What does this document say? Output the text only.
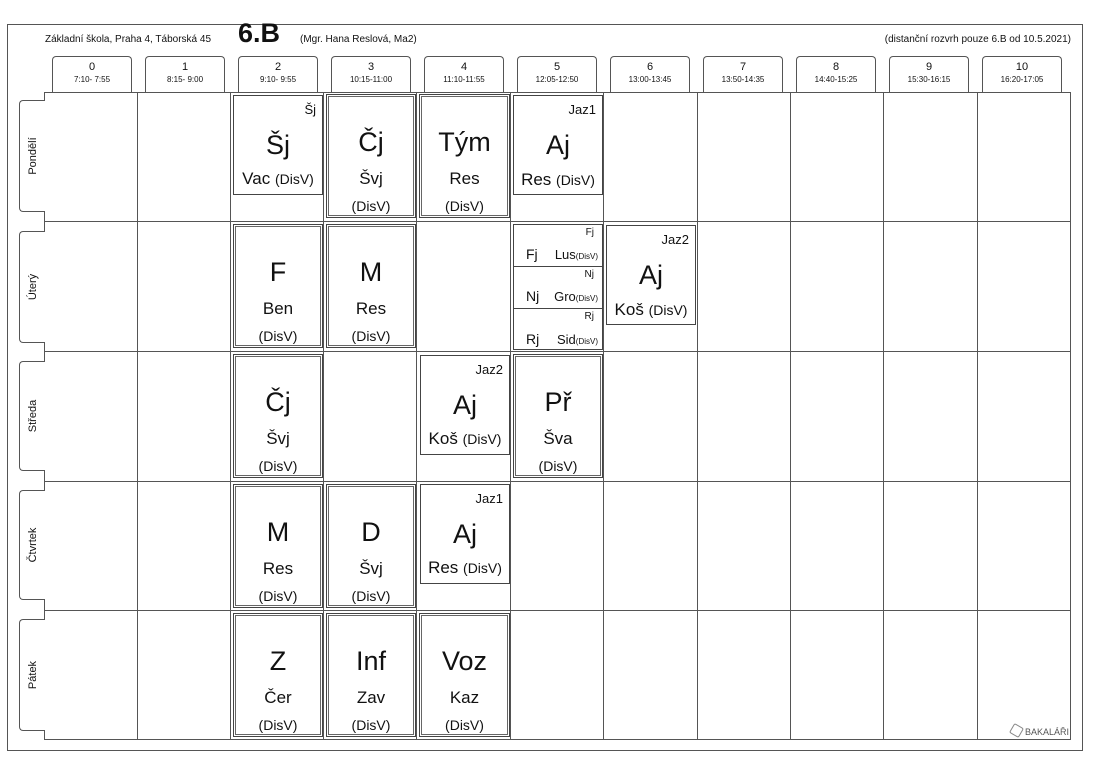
Základní škola, Praha 4, Táborská 45 6.B (Mgr. Hana Reslová, Ma2)	(distanční rozvrh pouze 6.B od 10.5.2021)
0
7:10- 7:55
1
8:15- 9:00
2
9:10- 9:55
3
10:15-11:00
4
11:10-11:55
5
12:05-12:50
6
13:00-13:45
7
13:50-14:35
8
14:40-15:25
9
15:30-16:15
10
16:20-17:05
Pondělí
Úterý
Středa
Čtvrtek
Pátek
Šj
Šj
Vac (DisV)
Čj
Švj
(DisV)
Tým
Res
(DisV)
Jaz1
Aj
Res (DisV)
F
Ben
(DisV)
M
Res
(DisV)
Fj
Fj Lus(DisV)
Nj
Nj Gro(DisV)
Rj
Rj Sid(DisV)
Jaz2
Aj
Koš (DisV)
Čj
Švj
(DisV)
Jaz2
Aj
Koš (DisV)
Př
Šva
(DisV)
M
Res
(DisV)
D
Švj
(DisV)
Jaz1
Aj
Res (DisV)
Z
Čer
(DisV)
Inf
Zav
(DisV)
Voz
Kaz
(DisV)	BAKALÁŘI
